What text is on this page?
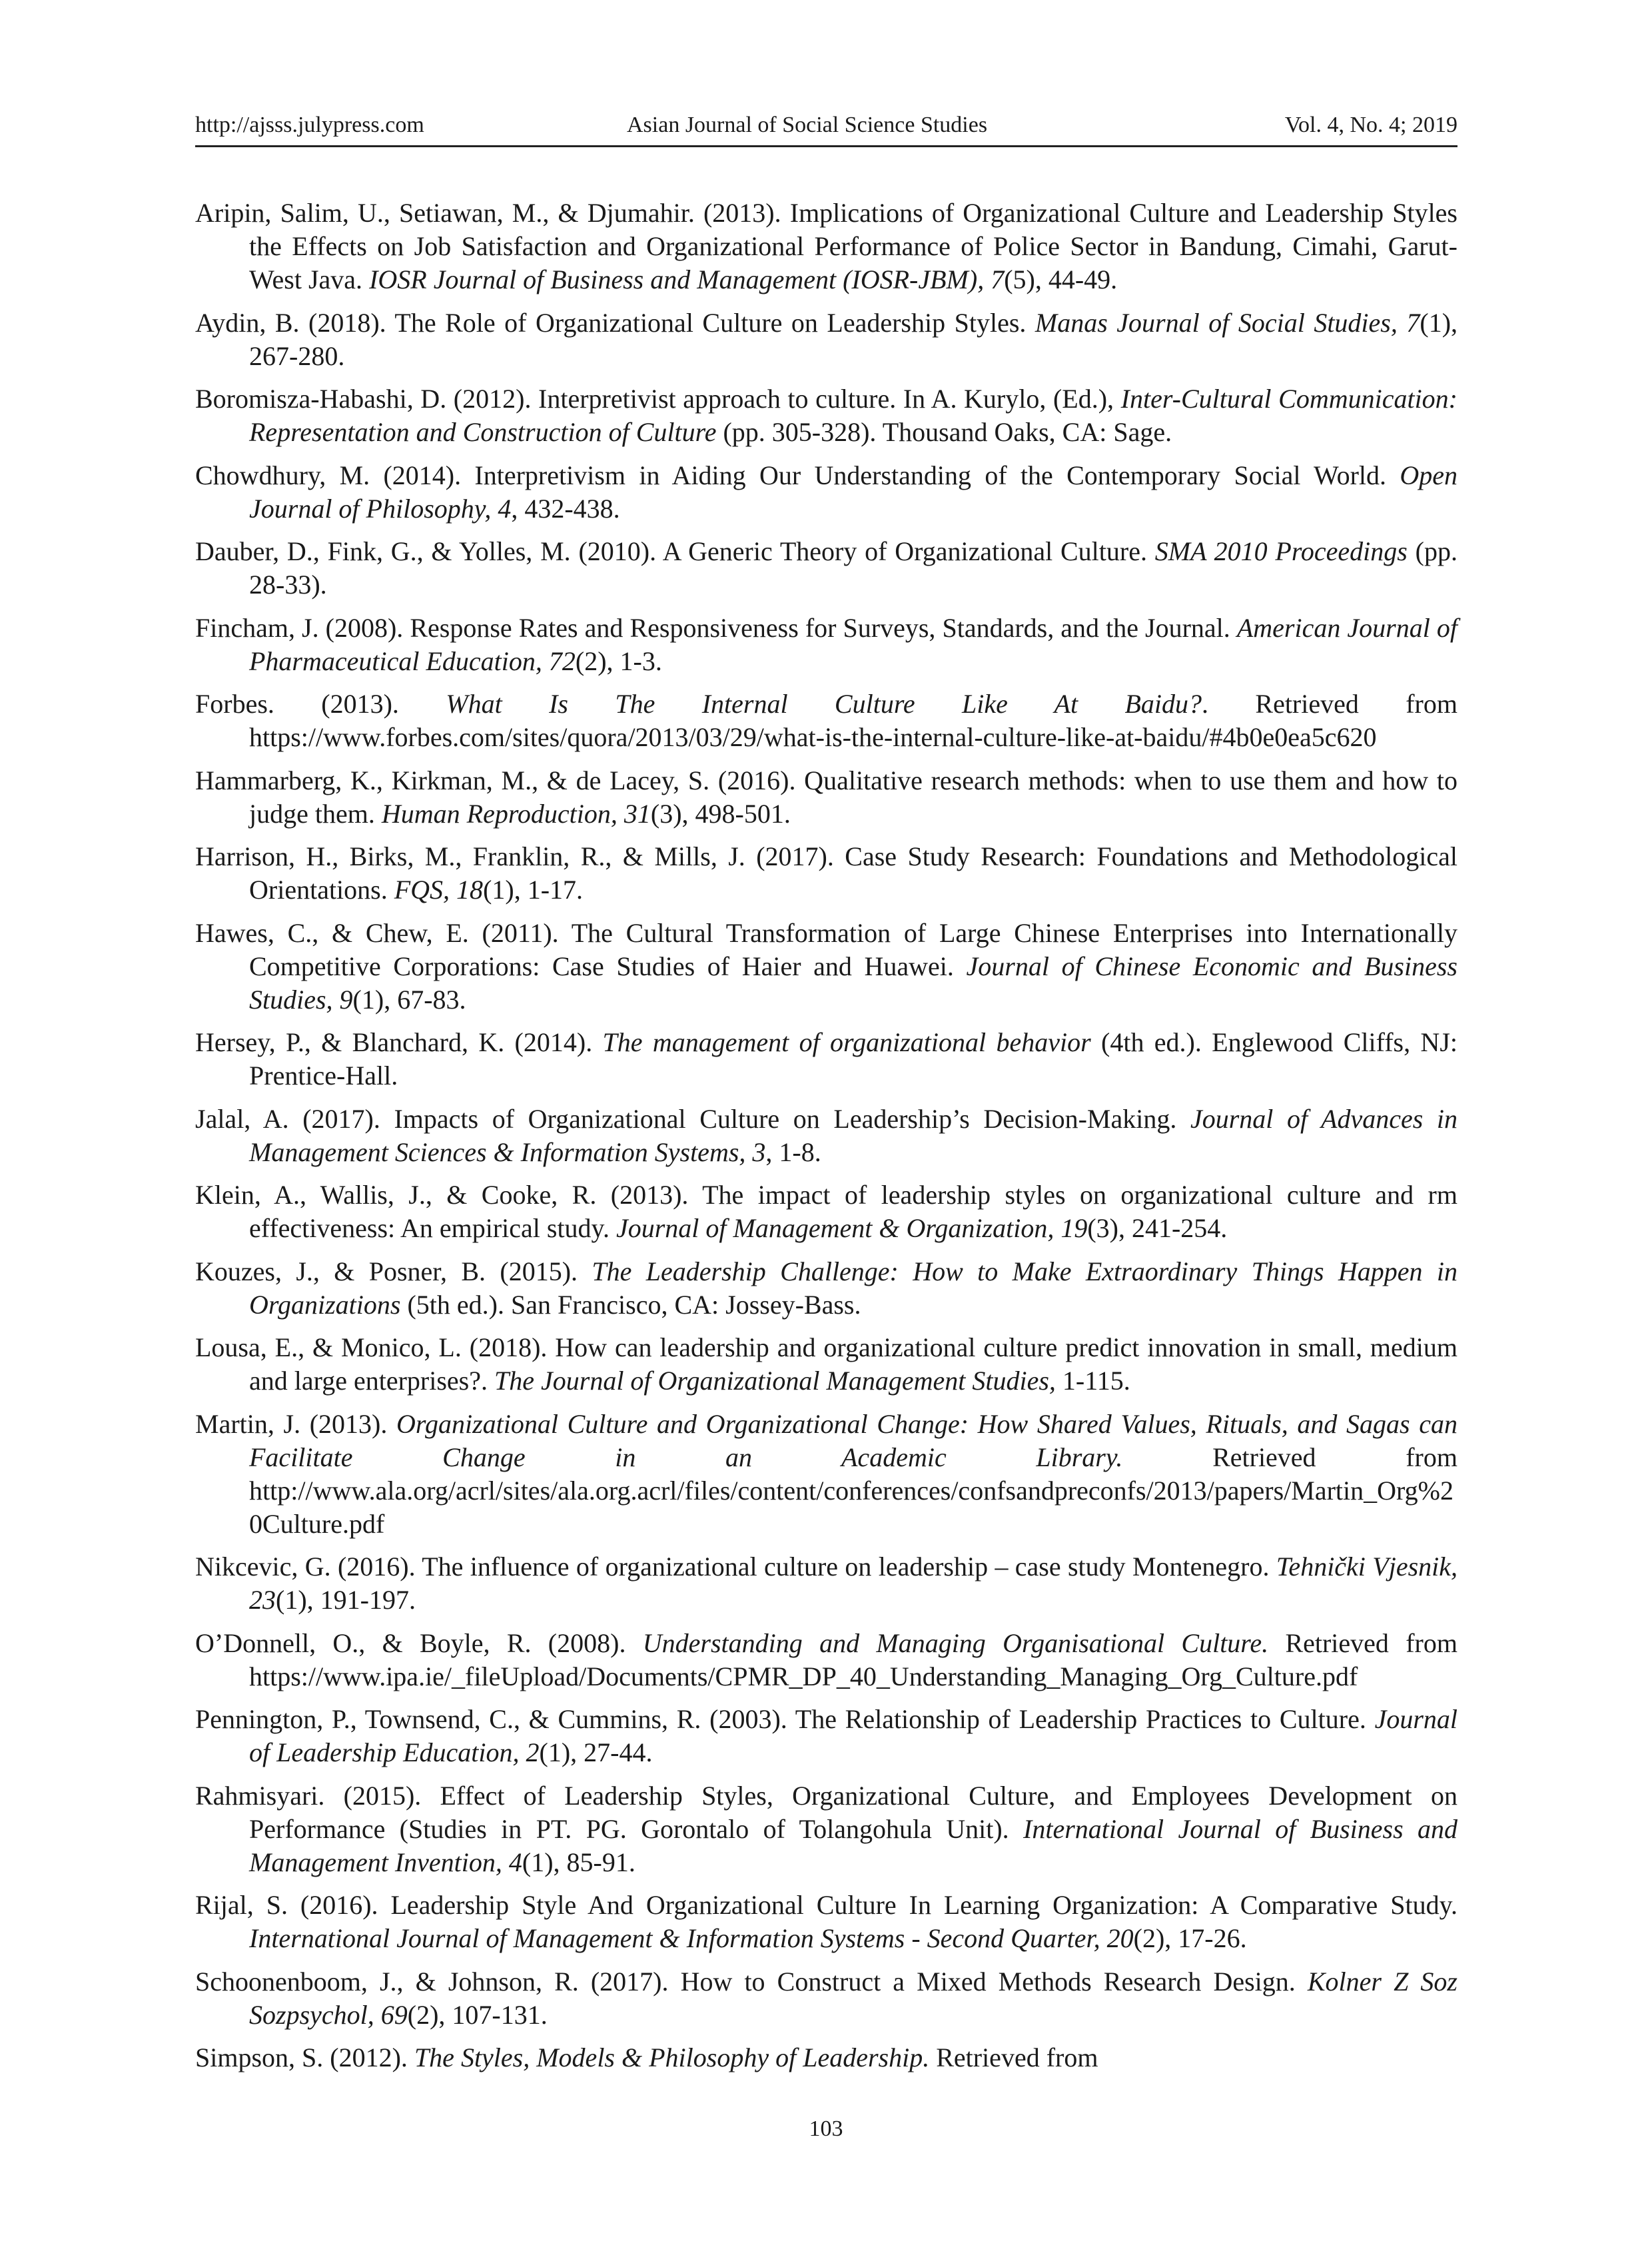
http://ajsss.julypress.com	Asian Journal of Social Science Studies	Vol. 4, No. 4; 2019

Aripin, Salim, U., Setiawan, M., & Djumahir. (2013). Implications of Organizational Culture and Leadership Styles the Effects on Job Satisfaction and Organizational Performance of Police Sector in Bandung, Cimahi, Garut- West Java. IOSR Journal of Business and Management (IOSR-JBM), 7(5), 44-49.

Aydin, B. (2018). The Role of Organizational Culture on Leadership Styles. Manas Journal of Social Studies, 7(1), 267-280.

Boromisza-Habashi, D. (2012). Interpretivist approach to culture. In A. Kurylo, (Ed.), Inter-Cultural Communication: Representation and Construction of Culture (pp. 305-328). Thousand Oaks, CA: Sage.

Chowdhury, M. (2014). Interpretivism in Aiding Our Understanding of the Contemporary Social World. Open Journal of Philosophy, 4, 432-438.

Dauber, D., Fink, G., & Yolles, M. (2010). A Generic Theory of Organizational Culture. SMA 2010 Proceedings (pp. 28-33).

Fincham, J. (2008). Response Rates and Responsiveness for Surveys, Standards, and the Journal. American Journal of Pharmaceutical Education, 72(2), 1-3.

Forbes. (2013). What Is The Internal Culture Like At Baidu?. Retrieved from https://www.forbes.com/sites/quora/2013/03/29/what-is-the-internal-culture-like-at-baidu/#4b0e0ea5c620

Hammarberg, K., Kirkman, M., & de Lacey, S. (2016). Qualitative research methods: when to use them and how to judge them. Human Reproduction, 31(3), 498-501.

Harrison, H., Birks, M., Franklin, R., & Mills, J. (2017). Case Study Research: Foundations and Methodological Orientations. FQS, 18(1), 1-17.

Hawes, C., & Chew, E. (2011). The Cultural Transformation of Large Chinese Enterprises into Internationally Competitive Corporations: Case Studies of Haier and Huawei. Journal of Chinese Economic and Business Studies, 9(1), 67-83.

Hersey, P., & Blanchard, K. (2014). The management of organizational behavior (4th ed.). Englewood Cliffs, NJ: Prentice-Hall.

Jalal, A. (2017). Impacts of Organizational Culture on Leadership’s Decision-Making. Journal of Advances in Management Sciences & Information Systems, 3, 1-8.

Klein, A., Wallis, J., & Cooke, R. (2013). The impact of leadership styles on organizational culture and rm effectiveness: An empirical study. Journal of Management & Organization, 19(3), 241-254.

Kouzes, J., & Posner, B. (2015). The Leadership Challenge: How to Make Extraordinary Things Happen in Organizations (5th ed.). San Francisco, CA: Jossey-Bass.

Lousa, E., & Monico, L. (2018). How can leadership and organizational culture predict innovation in small, medium and large enterprises?. The Journal of Organizational Management Studies, 1-115.

Martin, J. (2013). Organizational Culture and Organizational Change: How Shared Values, Rituals, and Sagas can Facilitate Change in an Academic Library. Retrieved from http://www.ala.org/acrl/sites/ala.org.acrl/files/content/conferences/confsandpreconfs/2013/papers/Martin_Org%20Culture.pdf

Nikcevic, G. (2016). The influence of organizational culture on leadership – case study Montenegro. Tehnički Vjesnik, 23(1), 191-197.

O’Donnell, O., & Boyle, R. (2008). Understanding and Managing Organisational Culture. Retrieved from https://www.ipa.ie/_fileUpload/Documents/CPMR_DP_40_Understanding_Managing_Org_Culture.pdf

Pennington, P., Townsend, C., & Cummins, R. (2003). The Relationship of Leadership Practices to Culture. Journal of Leadership Education, 2(1), 27-44.

Rahmisyari. (2015). Effect of Leadership Styles, Organizational Culture, and Employees Development on Performance (Studies in PT. PG. Gorontalo of Tolangohula Unit). International Journal of Business and Management Invention, 4(1), 85-91.

Rijal, S. (2016). Leadership Style And Organizational Culture In Learning Organization: A Comparative Study. International Journal of Management & Information Systems - Second Quarter, 20(2), 17-26.

Schoonenboom, J., & Johnson, R. (2017). How to Construct a Mixed Methods Research Design. Kolner Z Soz Sozpsychol, 69(2), 107-131.

Simpson, S. (2012). The Styles, Models & Philosophy of Leadership. Retrieved from

103
